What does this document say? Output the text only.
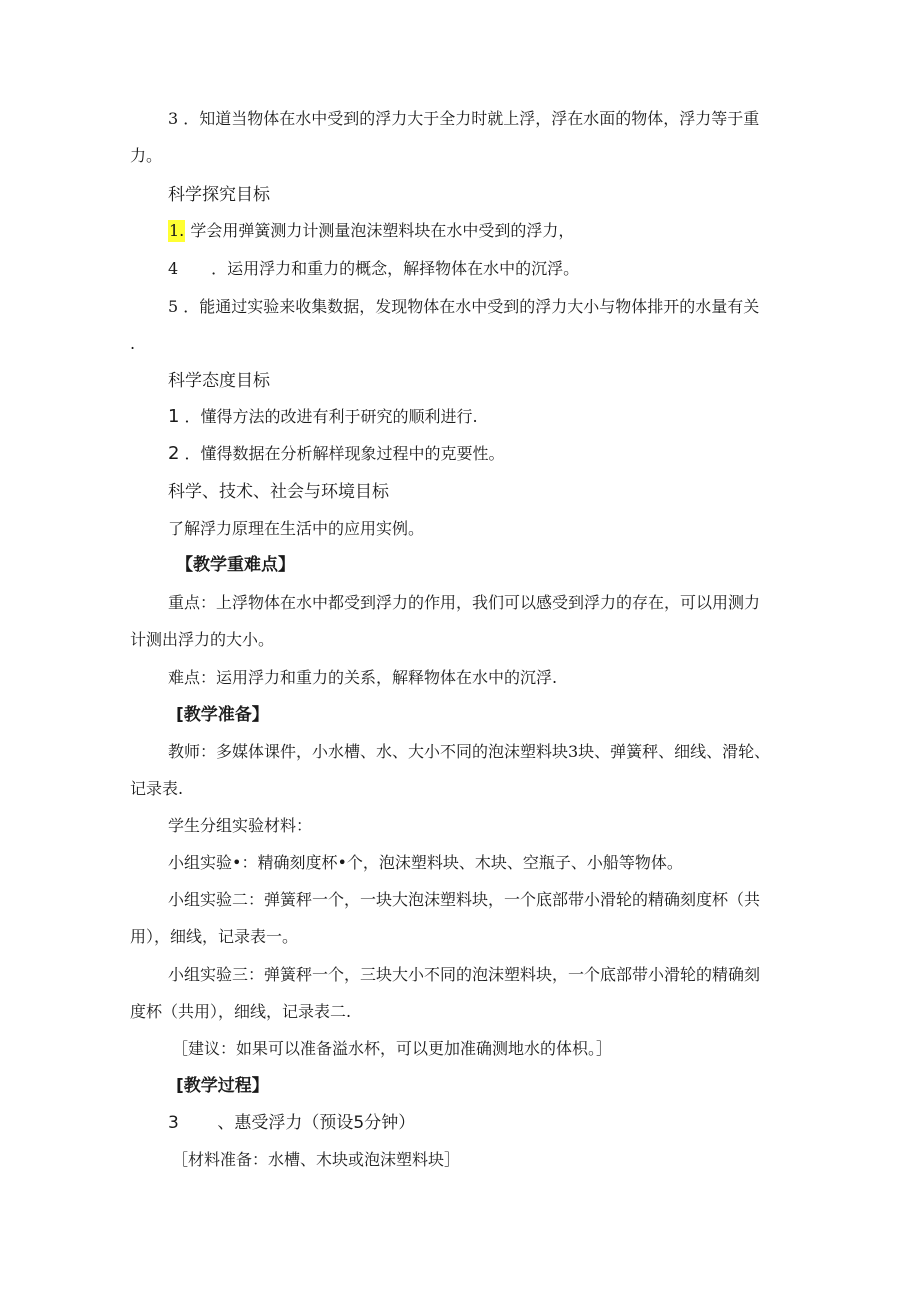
3 ．知道当物体在水中受到的浮力大于全力时就上浮，浮在水面的物体，浮力等于重
力。
科学探究目标
1. 学会用弹簧测力计测量泡沫塑料块在水中受到的浮力，
4 ．运用浮力和重力的概念，解择物体在水中的沉浮。
5 ．能通过实验来收集数据，发现物体在水中受到的浮力大小与物体排开的水量有关
.
科学态度目标
1 ．懂得方法的改进有利于研究的顺利进行.
2 ．懂得数据在分析解样现象过程中的克要性。
科学、技术、社会与环境目标
了解浮力原理在生活中的应用实例。
【教学重难点】
重点：上浮物体在水中都受到浮力的作用，我们可以感受到浮力的存在，可以用测力
计测出浮力的大小。
难点：运用浮力和重力的关系，解释物体在水中的沉浮.
[教学准备】
教师：多媒体课件，小水槽、水、大小不同的泡沫塑料块3块、弹簧秤、细线、滑轮、
记录表.
学生分组实验材料：
小组实验•：精确刻度杯•个，泡沫塑料块、木块、空瓶子、小船等物体。
小组实验二：弹簧秤一个，一块大泡沫塑料块，一个底部带小滑轮的精确刻度杯（共
用），细线，记录表一。
小组实验三：弹簧秤一个，三块大小不同的泡沫塑料块，一个底部带小滑轮的精确刻
度杯（共用），细线，记录表二.
［建议：如果可以准备溢水杯，可以更加准确测地水的体枳。］
[教学过程】
3 、惠受浮力（预设5分钟）
［材料准备：水槽、木块或泡沫塑料块］
